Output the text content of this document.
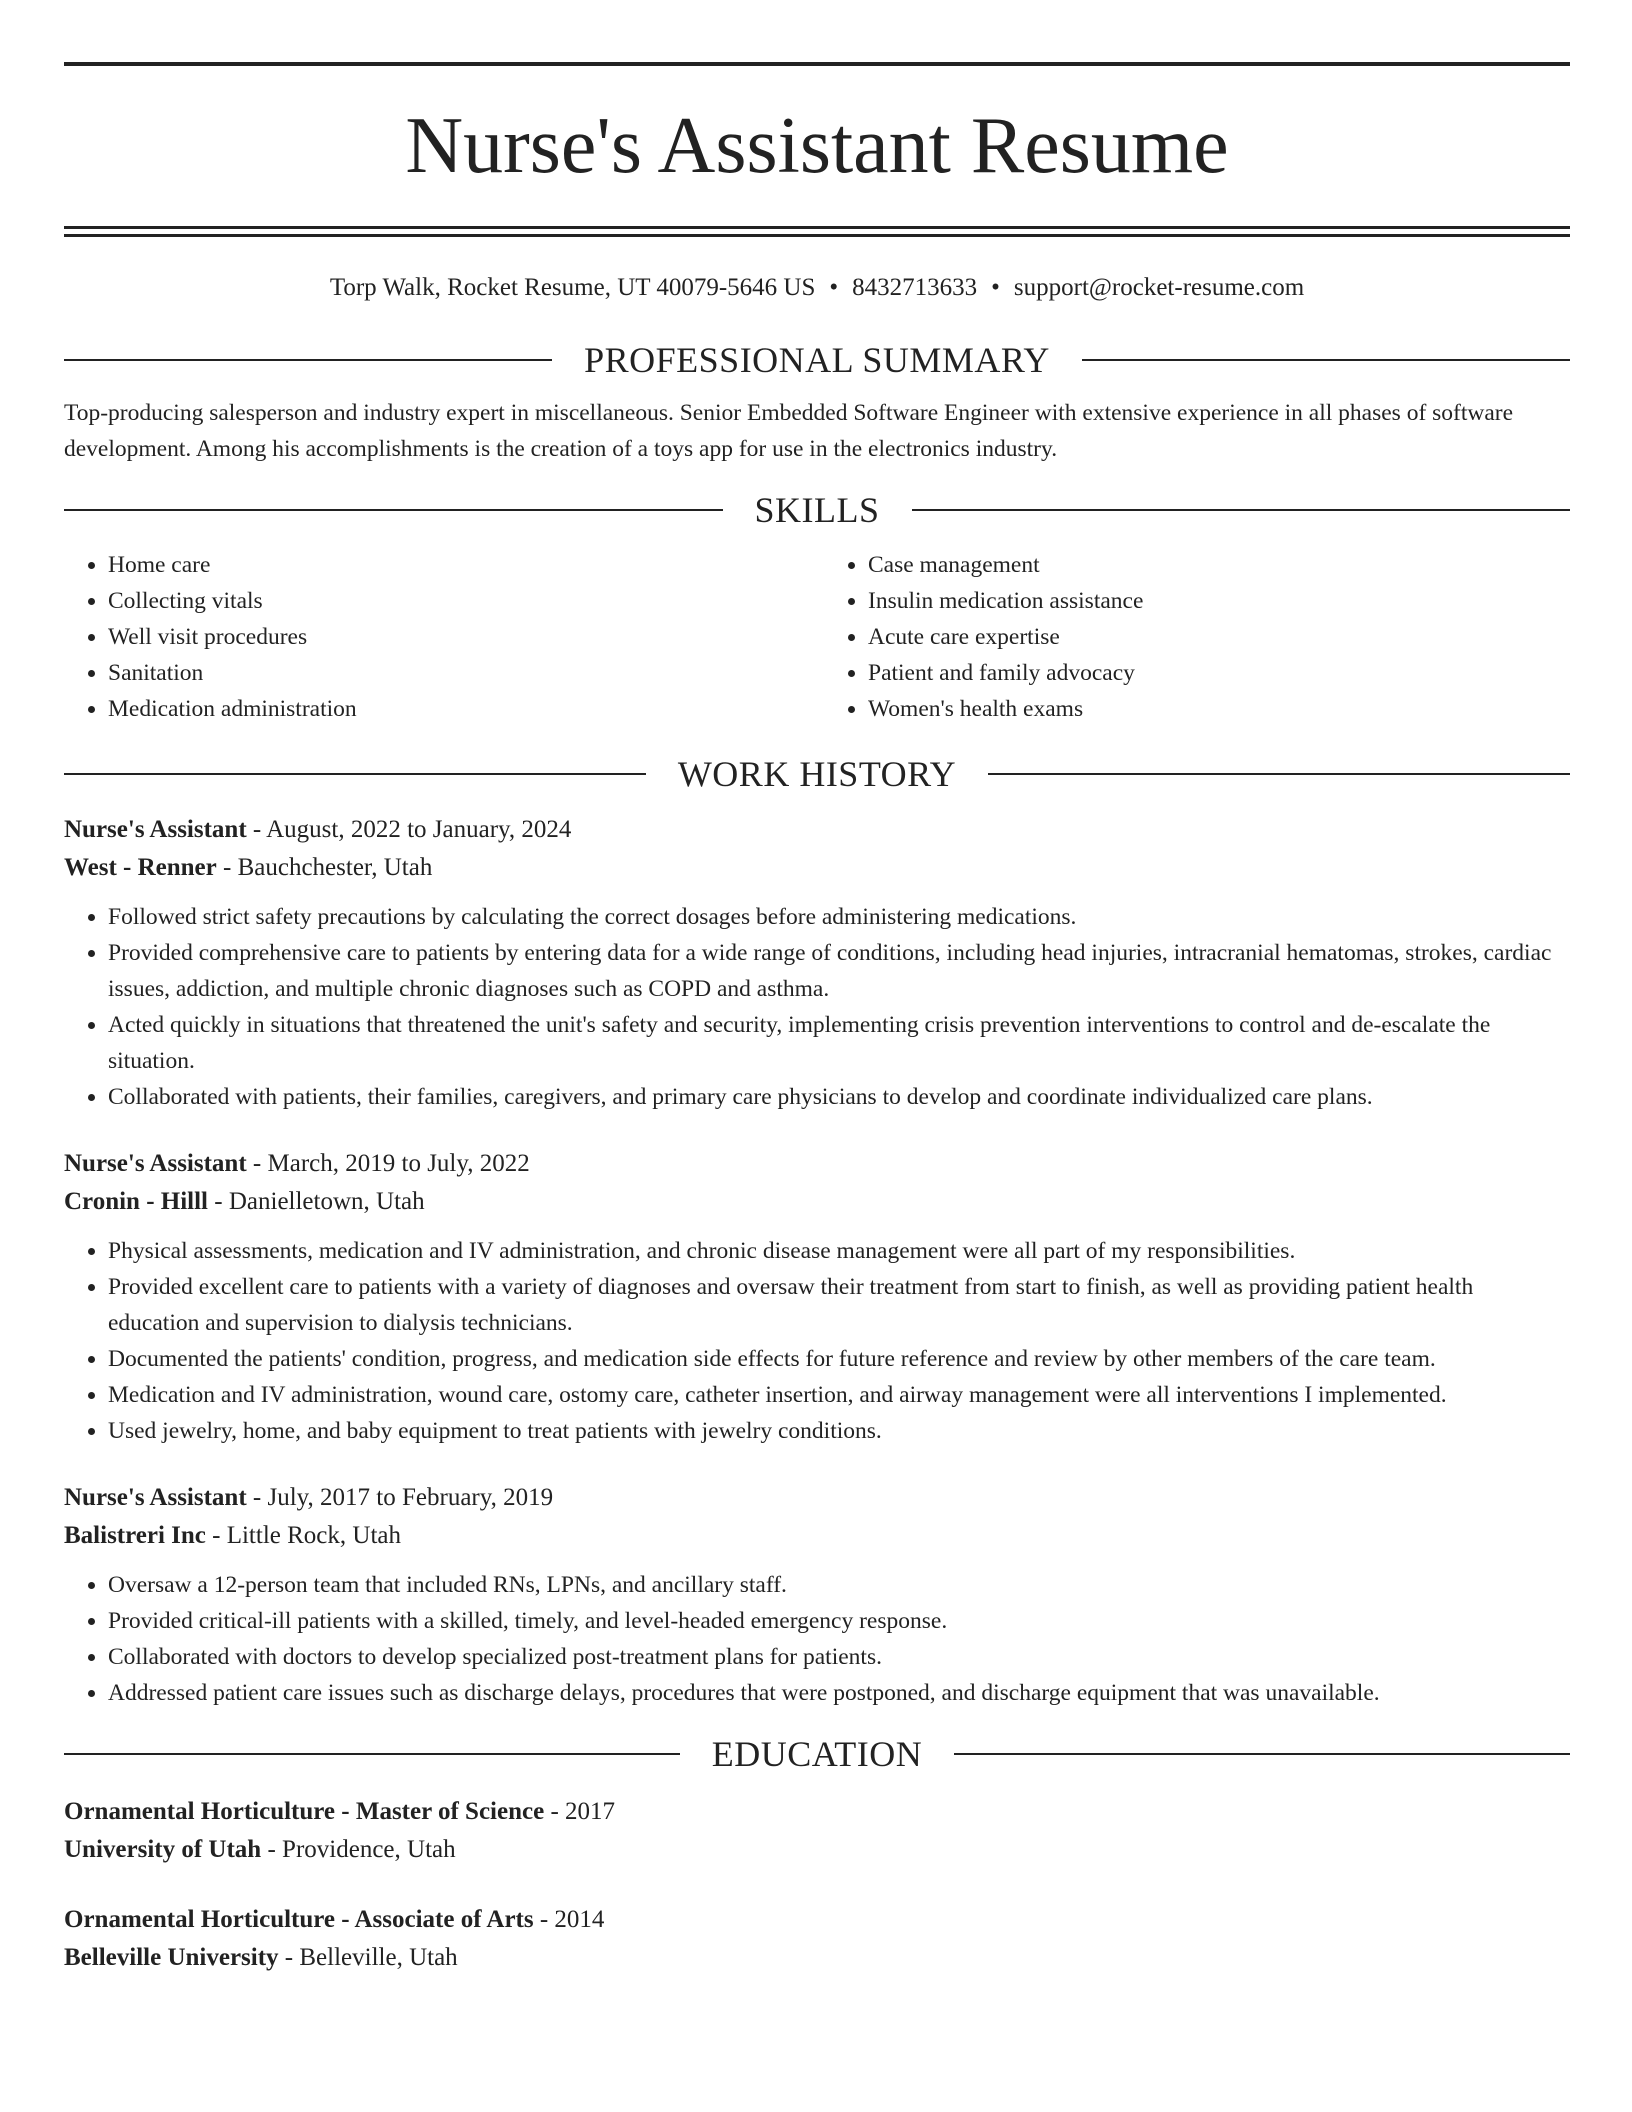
Nurse's Assistant Resume
Torp Walk, Rocket Resume, UT 40079-5646 US • 8432713633 • support@rocket-resume.com
PROFESSIONAL SUMMARY
Top-producing salesperson and industry expert in miscellaneous. Senior Embedded Software Engineer with extensive experience in all phases of software development. Among his accomplishments is the creation of a toys app for use in the electronics industry.
SKILLS
• Home care
• Collecting vitals
• Well visit procedures
• Sanitation
• Medication administration
• Case management
• Insulin medication assistance
• Acute care expertise
• Patient and family advocacy
• Women's health exams
WORK HISTORY
Nurse's Assistant - August, 2022 to January, 2024
West - Renner - Bauchchester, Utah
• Followed strict safety precautions by calculating the correct dosages before administering medications.
• Provided comprehensive care to patients by entering data for a wide range of conditions, including head injuries, intracranial hematomas, strokes, cardiac issues, addiction, and multiple chronic diagnoses such as COPD and asthma.
• Acted quickly in situations that threatened the unit's safety and security, implementing crisis prevention interventions to control and de-escalate the situation.
• Collaborated with patients, their families, caregivers, and primary care physicians to develop and coordinate individualized care plans.
Nurse's Assistant - March, 2019 to July, 2022
Cronin - Hilll - Danielletown, Utah
• Physical assessments, medication and IV administration, and chronic disease management were all part of my responsibilities.
• Provided excellent care to patients with a variety of diagnoses and oversaw their treatment from start to finish, as well as providing patient health education and supervision to dialysis technicians.
• Documented the patients' condition, progress, and medication side effects for future reference and review by other members of the care team.
• Medication and IV administration, wound care, ostomy care, catheter insertion, and airway management were all interventions I implemented.
• Used jewelry, home, and baby equipment to treat patients with jewelry conditions.
Nurse's Assistant - July, 2017 to February, 2019
Balistreri Inc - Little Rock, Utah
• Oversaw a 12-person team that included RNs, LPNs, and ancillary staff.
• Provided critical-ill patients with a skilled, timely, and level-headed emergency response.
• Collaborated with doctors to develop specialized post-treatment plans for patients.
• Addressed patient care issues such as discharge delays, procedures that were postponed, and discharge equipment that was unavailable.
EDUCATION
Ornamental Horticulture - Master of Science - 2017
University of Utah - Providence, Utah
Ornamental Horticulture - Associate of Arts - 2014
Belleville University - Belleville, Utah
